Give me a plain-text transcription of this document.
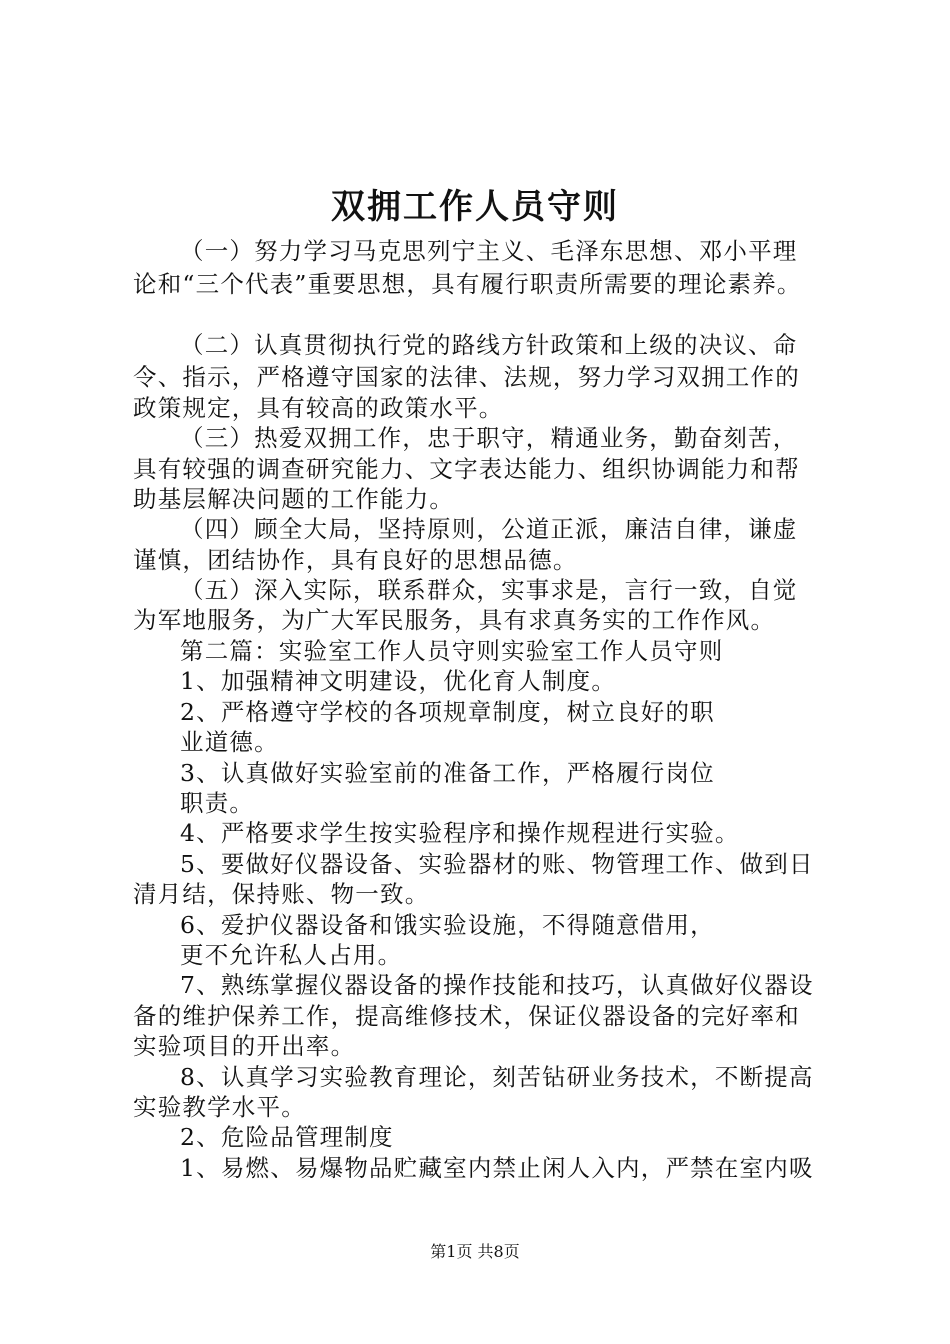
双拥工作人员守则
（一）努力学习马克思列宁主义、毛泽东思想、邓小平理
论和“三个代表”重要思想，具有履行职责所需要的理论素养。
（二）认真贯彻执行党的路线方针政策和上级的决议、命
令、指示，严格遵守国家的法律、法规，努力学习双拥工作的
政策规定，具有较高的政策水平。
（三）热爱双拥工作，忠于职守，精通业务，勤奋刻苦，
具有较强的调查研究能力、文字表达能力、组织协调能力和帮
助基层解决问题的工作能力。
（四）顾全大局，坚持原则，公道正派，廉洁自律，谦虚
谨慎，团结协作，具有良好的思想品德。
（五）深入实际，联系群众，实事求是，言行一致，自觉
为军地服务，为广大军民服务，具有求真务实的工作作风。
第二篇：实验室工作人员守则实验室工作人员守则
1、加强精神文明建设，优化育人制度。
2、严格遵守学校的各项规章制度，树立良好的职
业道德。
3、认真做好实验室前的准备工作，严格履行岗位
职责。
4、严格要求学生按实验程序和操作规程进行实验。
5、要做好仪器设备、实验器材的账、物管理工作、做到日
清月结，保持账、物一致。
6、爱护仪器设备和饿实验设施，不得随意借用，
更不允许私人占用。
7、熟练掌握仪器设备的操作技能和技巧，认真做好仪器设
备的维护保养工作，提高维修技术，保证仪器设备的完好率和
实验项目的开出率。
8、认真学习实验教育理论，刻苦钻研业务技术，不断提高
实验教学水平。
2、危险品管理制度
1、易燃、易爆物品贮藏室内禁止闲人入内，严禁在室内吸
第1页 共8页
